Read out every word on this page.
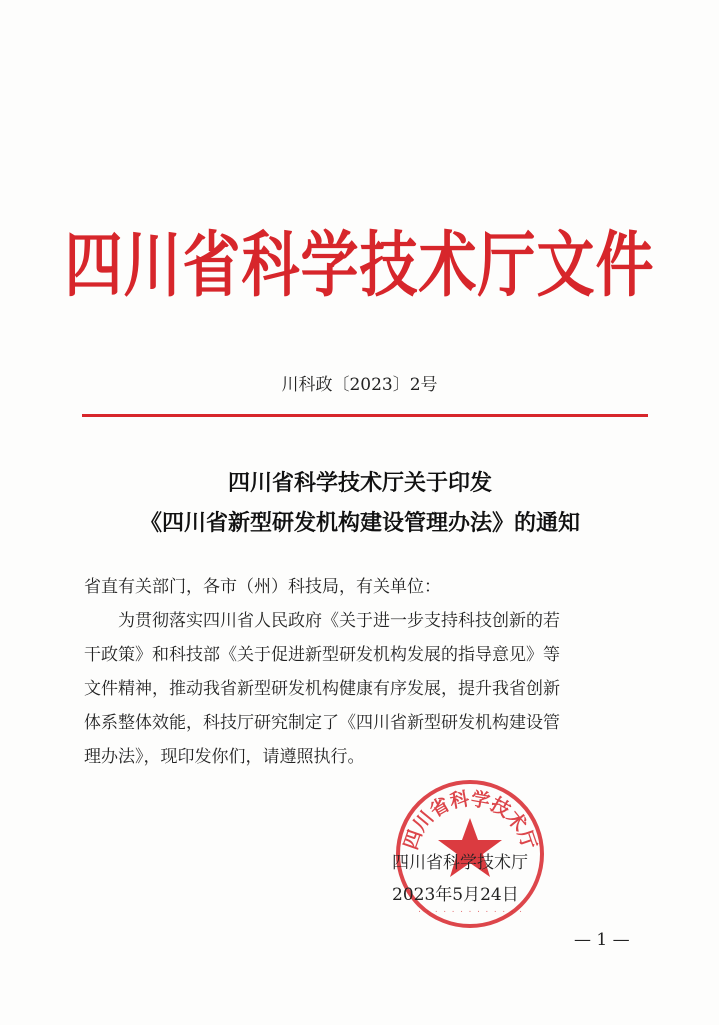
四川省科学技术厅文件
川科政〔2023〕2号
四川省科学技术厅关于印发
《四川省新型研发机构建设管理办法》的通知
省直有关部门，各市（州）科技局，有关单位：
为贯彻落实四川省人民政府《关于进一步支持科技创新的若
干政策》和科技部《关于促进新型研发机构发展的指导意见》等
文件精神，推动我省新型研发机构健康有序发展，提升我省创新
体系整体效能，科技厅研究制定了《四川省新型研发机构建设管
理办法》，现印发你们，请遵照执行。
四川省科学技术厅
· · · · · · · · · · · · ·
四川省科学技术厅
2023年5月24日
— 1 —
